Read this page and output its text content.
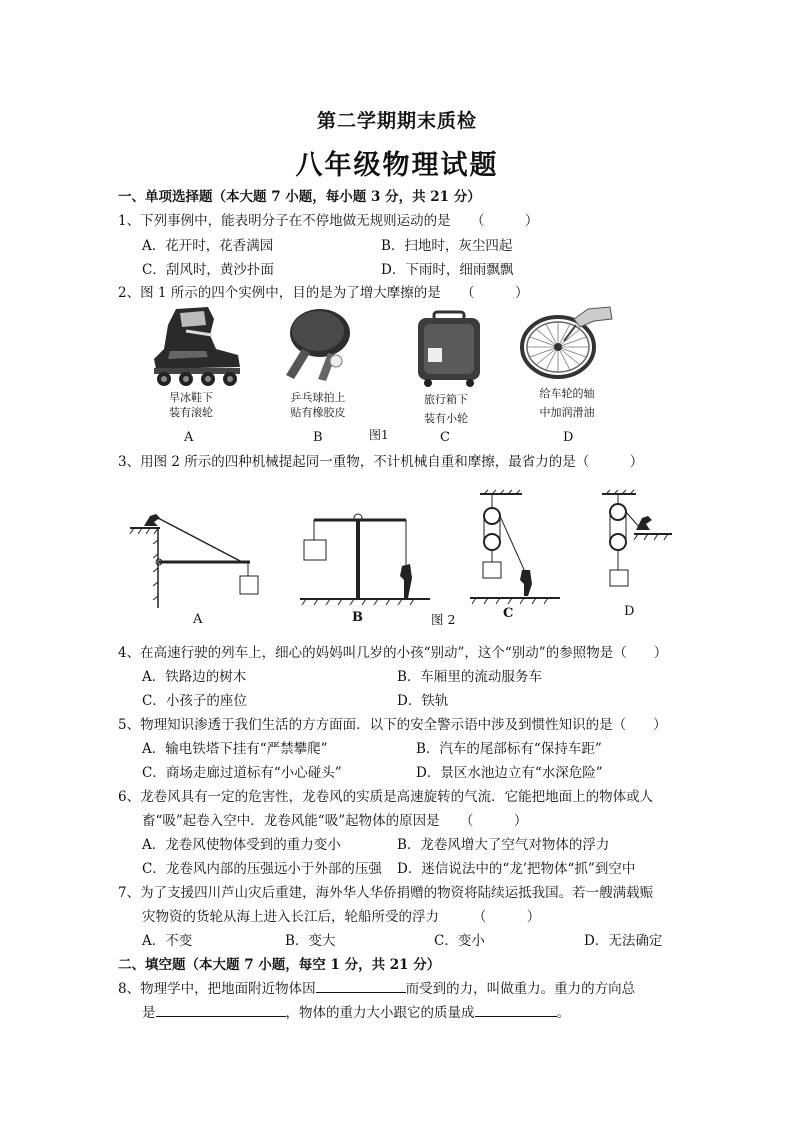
第二学期期末质检
八年级物理试题
一、单项选择题（本大题 7 小题，每小题 3 分，共 21 分）
1、下列事例中，能表明分子在不停地做无规则运动的是　　（　　　）
A．花开时，花香满园	B．扫地时，灰尘四起
C．刮风时，黄沙扑面	D．下雨时，细雨飘飘
2、图 1 所示的四个实例中，目的是为了增大摩擦的是　　（　　　）
旱冰鞋下
装有滚轮
乒乓球拍上
贴有橡胶皮
旅行箱下
装有小轮
给车轮的轴
中加润滑油
A	B	图1	C	D
3、用图 2 所示的四种机械提起同一重物，不计机械自重和摩擦，最省力的是（　　　）
A	B	图 2	C	D
4、在高速行驶的列车上，细心的妈妈叫几岁的小孩“别动”，这个“别动”的参照物是（　　）
A．铁路边的树木	B．车厢里的流动服务车
C．小孩子的座位	D．铁轨
5、物理知识渗透于我们生活的方方面面．以下的安全警示语中涉及到惯性知识的是（　　）
A．输电铁塔下挂有“严禁攀爬”	B．汽车的尾部标有“保持车距”
C．商场走廊过道标有“小心碰头”	D．景区水池边立有“水深危险”
6、龙卷风具有一定的危害性，龙卷风的实质是高速旋转的气流．它能把地面上的物体或人
畜“吸”起卷入空中．龙卷风能“吸”起物体的原因是　　（　　　）
A．龙卷风使物体受到的重力变小	B．龙卷风增大了空气对物体的浮力
C．龙卷风内部的压强远小于外部的压强 D．迷信说法中的“龙’把物体“抓”到空中
7、为了支援四川芦山灾后重建，海外华人华侨捐赠的物资将陆续运抵我国。若一艘满载赈
灾物资的货轮从海上进入长江后，轮船所受的浮力　　　（　　　）
A．不变	B．变大	C．变小	D．无法确定
二、填空题（本大题 7 小题，每空 1 分，共 21 分）
8、物理学中，把地面附近物体因	而受到的力，叫做重力。重力的方向总
是	，物体的重力大小跟它的质量成	。
